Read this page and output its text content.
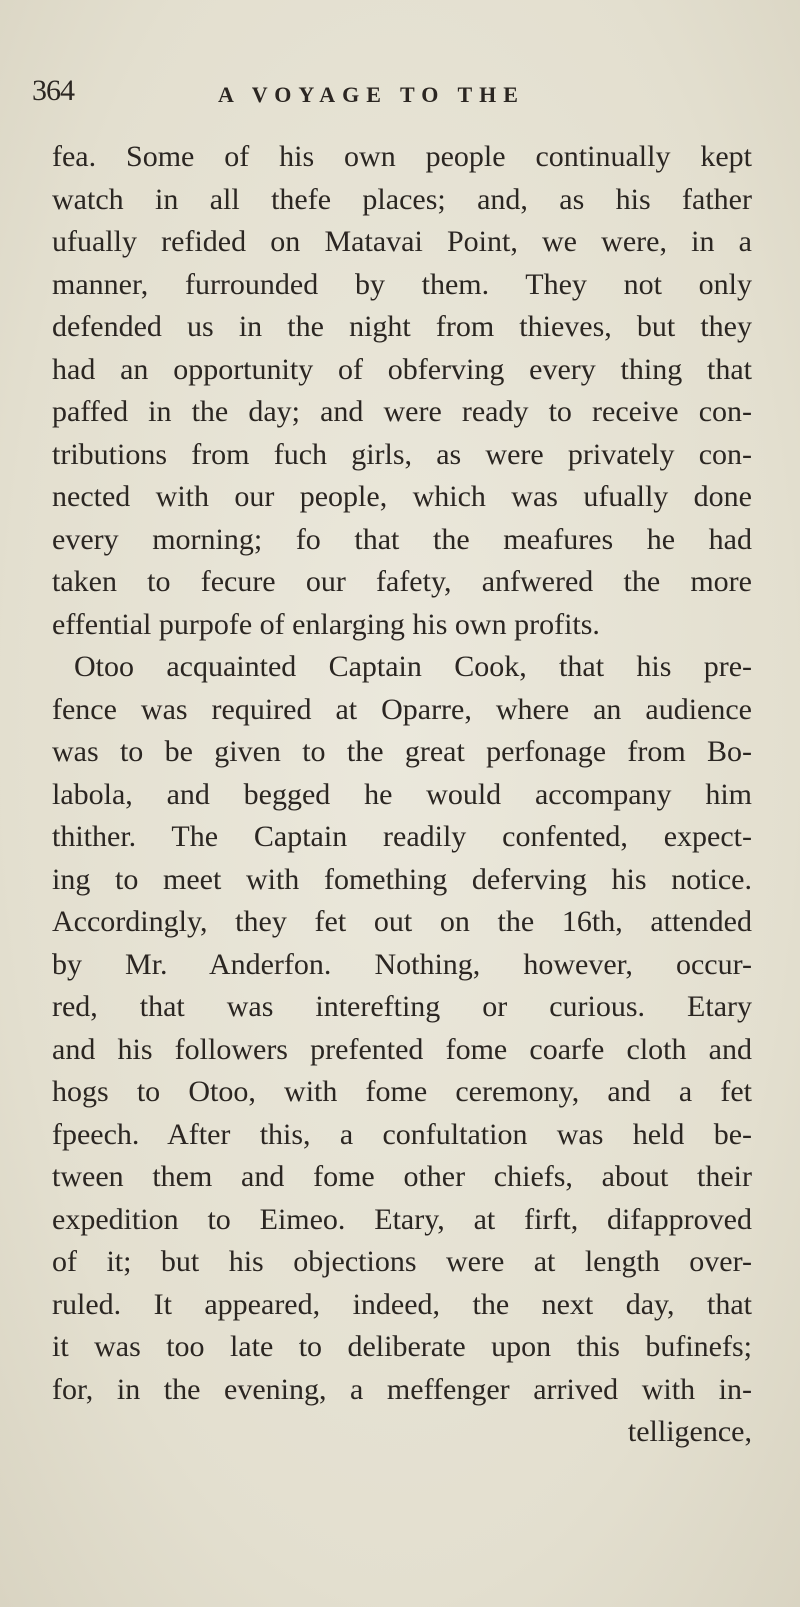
364	A VOYAGE TO THE
fea. Some of his own people continually kept
watch in all thefe places; and, as his father
ufually refided on Matavai Point, we were, in a
manner, furrounded by them. They not only
defended us in the night from thieves, but they
had an opportunity of obferving every thing that
paffed in the day; and were ready to receive con-
tributions from fuch girls, as were privately con-
nected with our people, which was ufually done
every morning; fo that the meafures he had
taken to fecure our fafety, anfwered the more
effential purpofe of enlarging his own profits.
Otoo acquainted Captain Cook, that his pre-
fence was required at Oparre, where an audience
was to be given to the great perfonage from Bo-
labola, and begged he would accompany him
thither. The Captain readily confented, expect-
ing to meet with fomething deferving his notice.
Accordingly, they fet out on the 16th, attended
by Mr. Anderfon. Nothing, however, occur-
red, that was interefting or curious. Etary
and his followers prefented fome coarfe cloth and
hogs to Otoo, with fome ceremony, and a fet
fpeech. After this, a confultation was held be-
tween them and fome other chiefs, about their
expedition to Eimeo. Etary, at firft, difapproved
of it; but his objections were at length over-
ruled. It appeared, indeed, the next day, that
it was too late to deliberate upon this bufinefs;
for, in the evening, a meffenger arrived with in-
telligence,
